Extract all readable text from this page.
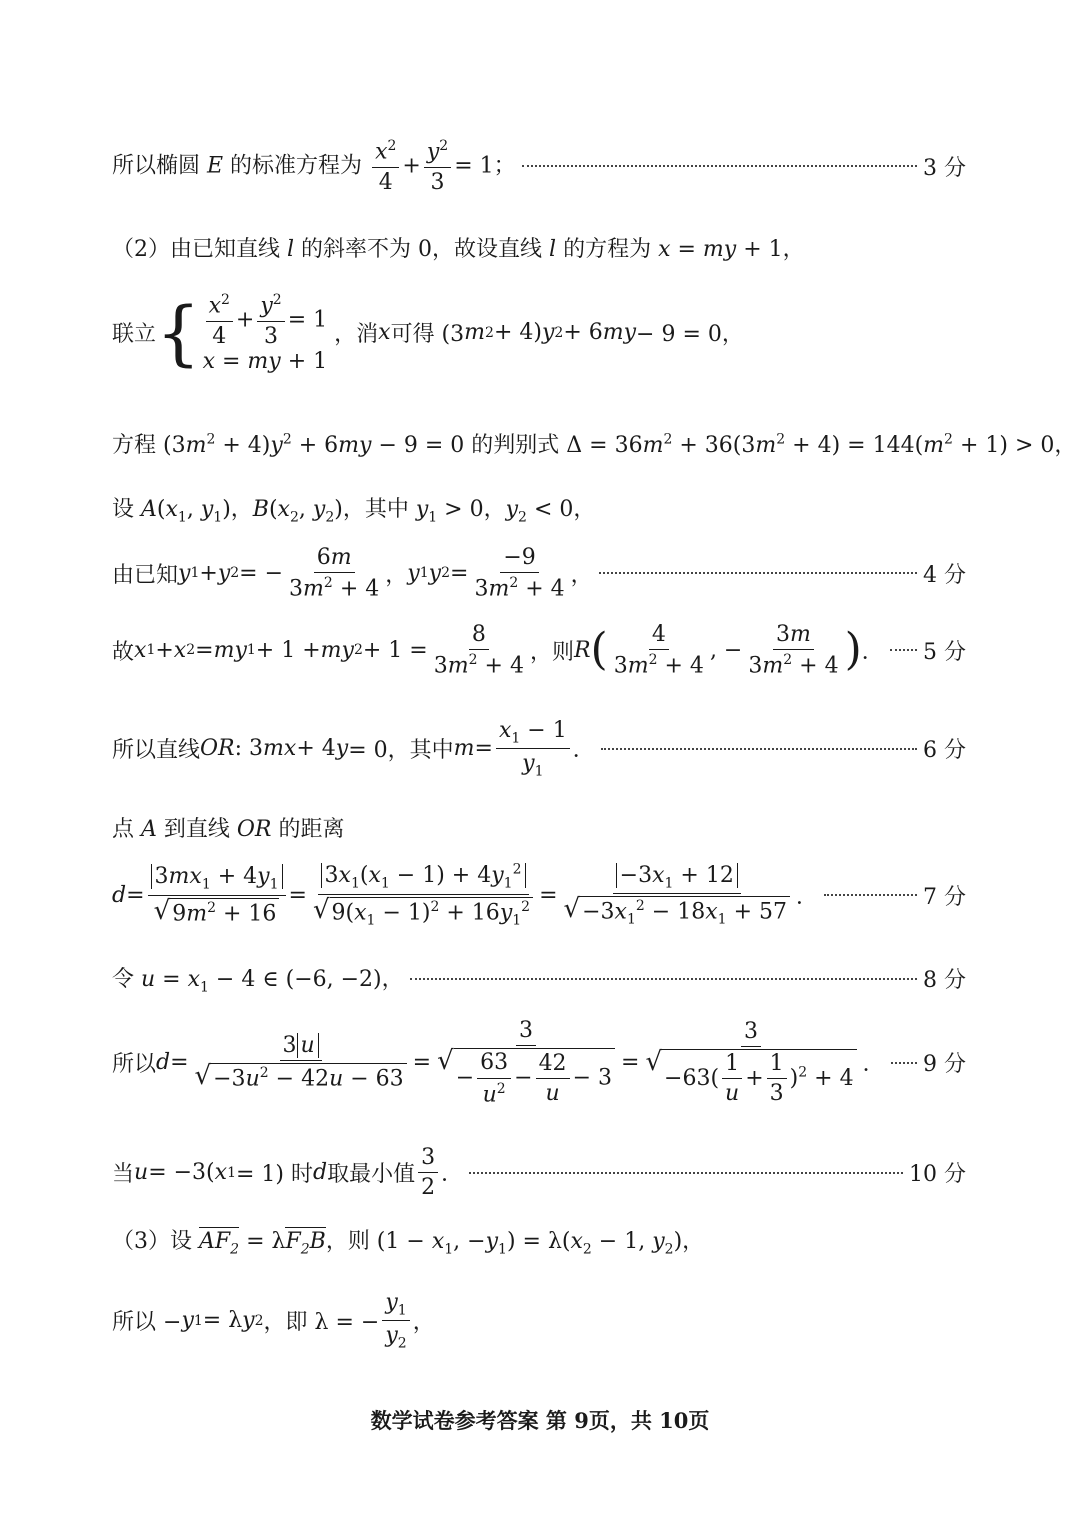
所以椭圆 E 的标准方程为 $\frac{x^2}{4} + \frac{y^2}{3} = 1$；	3 分
（2）由已知直线 l 的斜率不为 0，故设直线 l 的方程为 x = my + 1，
联立 { $\frac{x^2}{4} + \frac{y^2}{3} = 1$
x = my + 1
，消 x 可得 (3 m 2 + 4) y 2 + 6 my − 9 = 0，
方程 $(3m^2 + 4)y^2 + 6my - 9 = 0$ 的判别式 $\Delta = 36m^2 + 36(3m^2 + 4) = 144(m^2 + 1) > 0$，
设 $A(x_1$, $y_1$)，$B(x_2$, $y_2$)，其中 $y_1 > 0$，$y_2 < 0$，
由已知 y 1 + y 2 = − $\frac{6m}{3m^2 + 4}$ ， y 1 y $2 = \frac{-9}{3m^2 + 4}$ ，	4 分
故 x 1 + x 2 = my 1 + 1 + my $2 + 1 = \frac{8}{3m^2 + 4}$ ，则 R ( $\frac{4}{3m^2 + 4}$ , − $\frac{3m}{3m^2 + 4}$ ) ． 5 分
所以直线 OR : 3 mx + 4 y = 0，其中 $m = \frac{x_1 - 1}{y_1}$ ．	6 分
点 A 到直线 OR 的距离
$d = \frac{3mx_1 + 4y_1}{√ 9m^2 + 16} = \frac{3x_1(x_1 - 1) + 4y_1^2}{√ 9(x_1 - 1)^2 + 16y_1^2} = \frac{-3x_1 + 12}{√ -3x_1^2 - 18x_1 + 57}$ ．	7 分
令 $u = x_1 - 4$ ∈ (−6, −2)，	8 分
所以 $d = \frac{3 u}{√ -3u^2 - 42u - 63} = 3$
√
− $\frac{63}{u^2} - \frac{42}{u} - 3 = 3$
√
$-63( \frac{1}{u} + \frac{1}{3} )^2 + 4$ ． 9 分
当 u = −3( x 1 = 1) 时 d 取最小值 $\frac{3}{2}$ ．	10 分
（3）设 $AF_2 = \lambda F_2B$，则 ($1 - x_1$, $-y_1) = \lambda(x_2 - 1$, $y_2$)，
所以 − y 1 = λ y 2 ，即 λ = − $\frac{y_1}{y_2}$ ，
数学试卷参考答案 第 9页，共 10页
